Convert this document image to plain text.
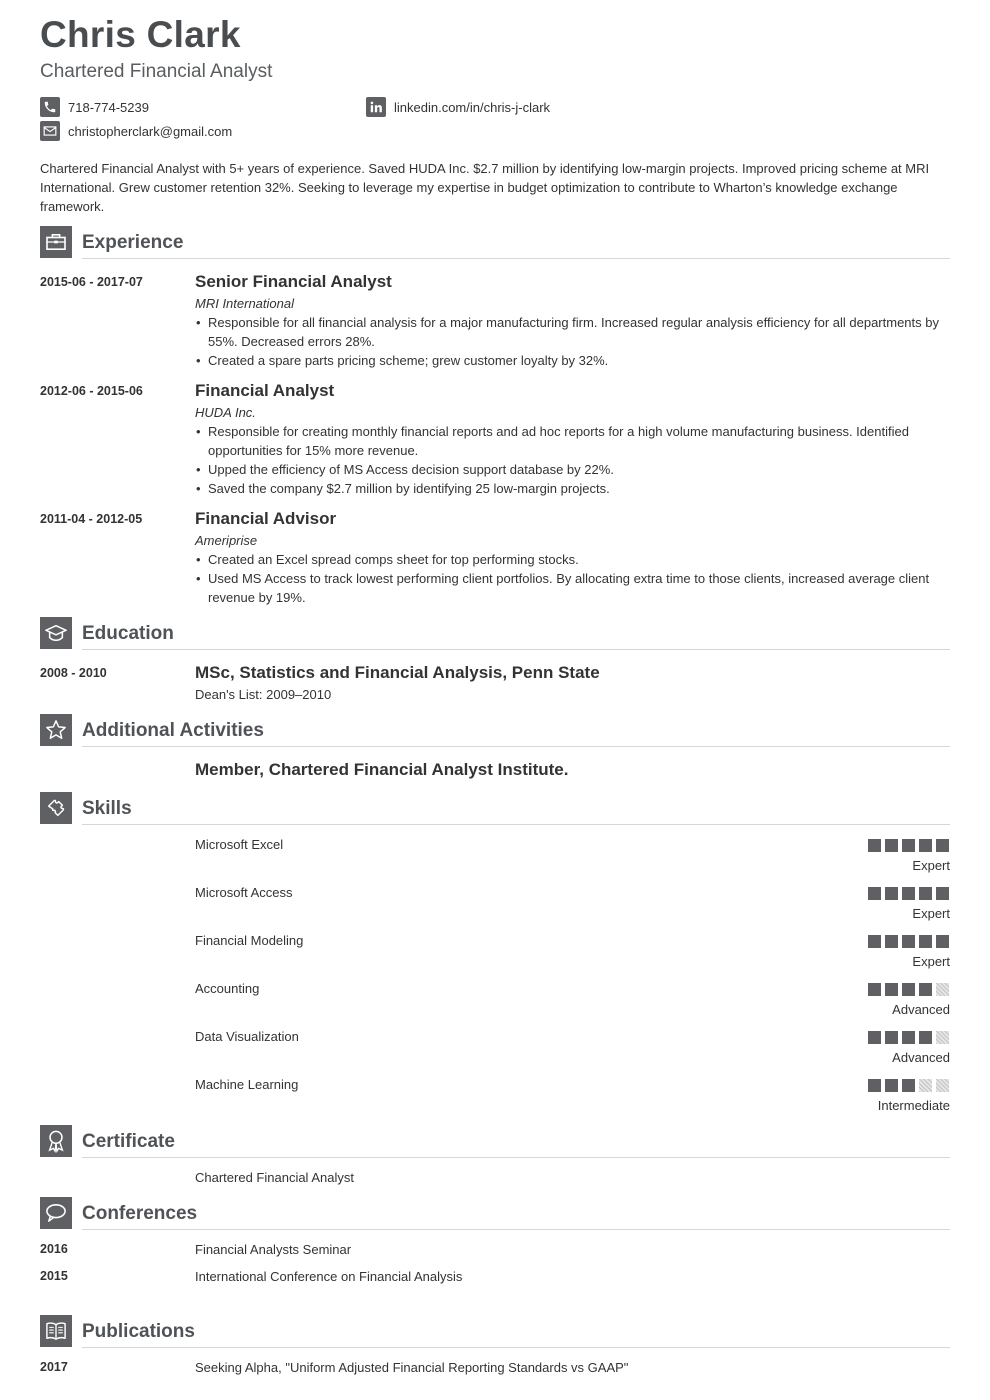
Chris Clark
Chartered Financial Analyst
718-774-5239
christopherclark@gmail.com
linkedin.com/in/chris-j-clark
Chartered Financial Analyst with 5+ years of experience. Saved HUDA Inc. $2.7 million by identifying low-margin projects. Improved pricing scheme at MRI International. Grew customer retention 32%. Seeking to leverage my expertise in budget optimization to contribute to Wharton’s knowledge exchange framework.
Experience
2015-06 - 2017-07	Senior Financial Analyst
MRI International
• Responsible for all financial analysis for a major manufacturing firm. Increased regular analysis efficiency for all departments by 55%. Decreased errors 28%.
• Created a spare parts pricing scheme; grew customer loyalty by 32%.
2012-06 - 2015-06	Financial Analyst
HUDA Inc.
• Responsible for creating monthly financial reports and ad hoc reports for a high volume manufacturing business. Identified opportunities for 15% more revenue.
• Upped the efficiency of MS Access decision support database by 22%.
• Saved the company $2.7 million by identifying 25 low-margin projects.
2011-04 - 2012-05	Financial Advisor
Ameriprise
• Created an Excel spread comps sheet for top performing stocks.
• Used MS Access to track lowest performing client portfolios. By allocating extra time to those clients, increased average client revenue by 19%.
Education
2008 - 2010	MSc, Statistics and Financial Analysis, Penn State
Dean's List: 2009–2010
Additional Activities
Member, Chartered Financial Analyst Institute.
Skills
Microsoft Excel
Expert
Microsoft Access
Expert
Financial Modeling
Expert
Accounting
Advanced
Data Visualization
Advanced
Machine Learning
Intermediate
Certificate
Chartered Financial Analyst
Conferences
2016	Financial Analysts Seminar
2015	International Conference on Financial Analysis
Publications
2017	Seeking Alpha, "Uniform Adjusted Financial Reporting Standards vs GAAP"
